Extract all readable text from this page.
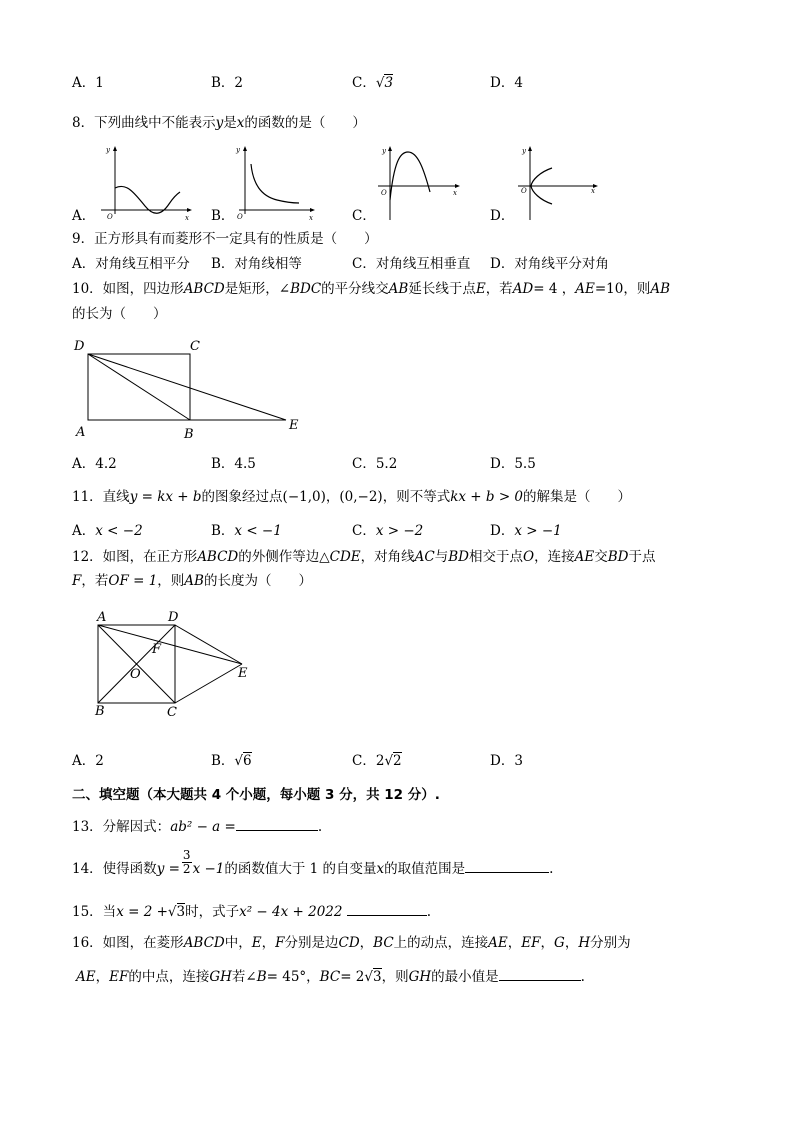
A．1	B．2	C．√3	D．4
8．下列曲线中不能表示y是x的函数的是（　　）
A．	B．	C．	D．
y
x
O
y
x
O
y
x
O
y
x
O
9．正方形具有而菱形不一定具有的性质是（　　）
A．对角线互相平分 B．对角线相等	C．对角线互相垂直 D．对角线平分对角
10．如图，四边形ABCD是矩形，∠BDC的平分线交AB延长线于点E，若AD= 4 ，AE=10，则AB
的长为（　　）
D	C
A	B
E
A．4.2	B．4.5	C．5.2	D．5.5
11．直线y = kx + b的图象经过点(−1,0)，(0,−2)，则不等式kx + b > 0的解集是（　　）
A．x < −2	B．x < −1	C．x > −2	D．x > −1
12．如图，在正方形ABCD的外侧作等边△CDE，对角线AC与BD相交于点O，连接AE交BD于点
F，若OF = 1，则AB的长度为（　　）
A	D
B	C
E
F
O
A．2	B．√6	C．2√2	D．3
二、填空题（本大题共 4 个小题，每小题 3 分，共 12 分）.
13．分解因式：ab² − a =	.
14．使得函数$y = \frac{3}{2}$ x −1的函数值大于 1 的自变量x的取值范围是	.
15．当x = 2 +√3时，式子x² − 4x + 2022	.
16．如图，在菱形ABCD中，E，F分别是边CD，BC上的动点，连接AE，EF，G，H分别为
AE，EF的中点，连接GH若∠B= 45°，BC= 2√3，则GH的最小值是	.
